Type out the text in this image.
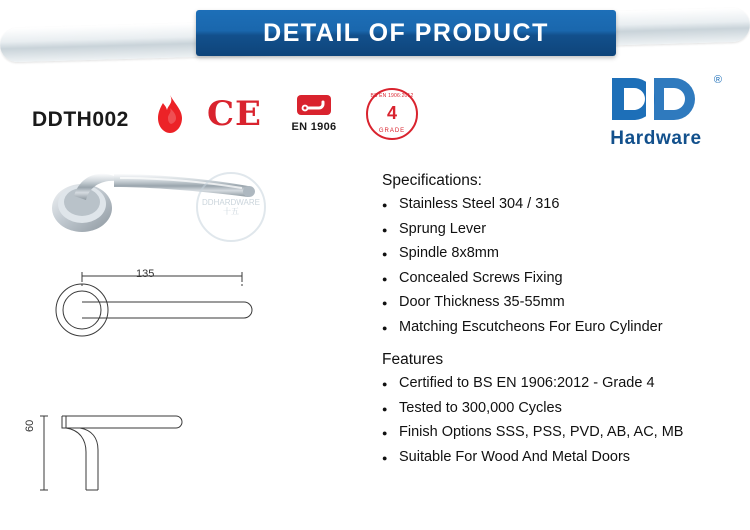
DETAIL OF PRODUCT
DDTH002 CE	EN 1906
BS EN 1906:2012
4
GRADE
®
Hardware
DDHARDWARE
十五
135
60

Specifications:

● Stainless Steel 304 / 316
● Sprung Lever
● Spindle 8x8mm
● Concealed Screws Fixing
● Door Thickness 35-55mm
● Matching Escutcheons For Euro Cylinder

Features

● Certified to BS EN 1906:2012 - Grade 4
● Tested to 300,000 Cycles
● Finish Options SSS, PSS, PVD, AB, AC, MB
● Suitable For Wood And Metal Doors
